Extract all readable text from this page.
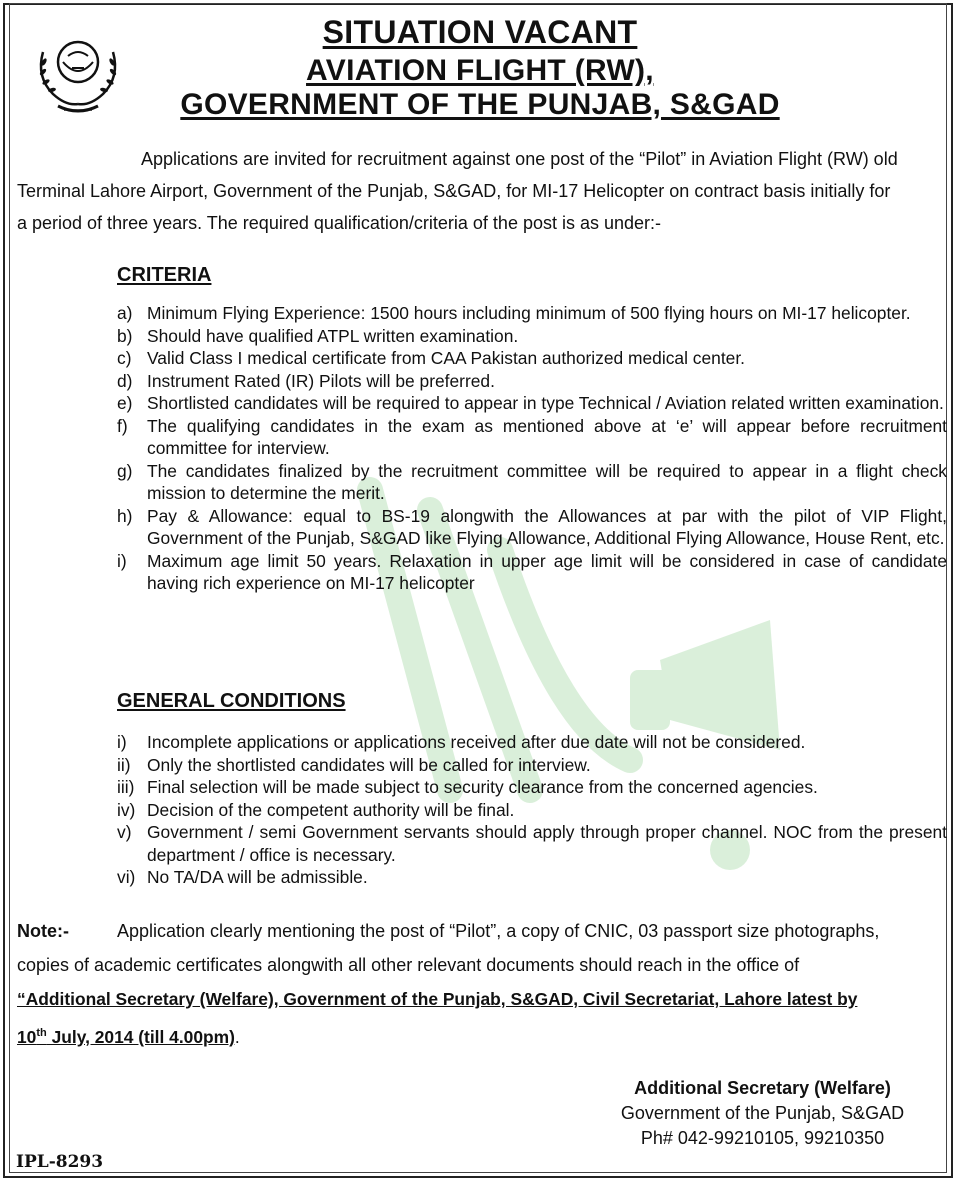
SITUATION VACANT
AVIATION FLIGHT (RW),
GOVERNMENT OF THE PUNJAB, S&GAD
Applications are invited for recruitment against one post of the “Pilot” in Aviation Flight (RW) old
Terminal Lahore Airport, Government of the Punjab, S&GAD, for MI-17 Helicopter on contract basis initially for
a period of three years. The required qualification/criteria of the post is as under:-
CRITERIA
a) Minimum Flying Experience: 1500 hours including minimum of 500 flying hours on MI-17 helicopter.
b) Should have qualified ATPL written examination.
c) Valid Class I medical certificate from CAA Pakistan authorized medical center.
d) Instrument Rated (IR) Pilots will be preferred.
e) Shortlisted candidates will be required to appear in type Technical / Aviation related written examination.
f) The qualifying candidates in the exam as mentioned above at ‘e’ will appear before recruitment committee for interview.
g) The candidates finalized by the recruitment committee will be required to appear in a flight check mission to determine the merit.
h) Pay & Allowance: equal to BS-19 alongwith the Allowances at par with the pilot of VIP Flight, Government of the Punjab, S&GAD like Flying Allowance, Additional Flying Allowance, House Rent, etc.
i) Maximum age limit 50 years. Relaxation in upper age limit will be considered in case of candidate having rich experience on MI-17 helicopter
GENERAL CONDITIONS
i) Incomplete applications or applications received after due date will not be considered.
ii) Only the shortlisted candidates will be called for interview.
iii) Final selection will be made subject to security clearance from the concerned agencies.
iv) Decision of the competent authority will be final.
v) Government / semi Government servants should apply through proper channel. NOC from the present department / office is necessary.
vi) No TA/DA will be admissible.
Note:-	Application clearly mentioning the post of “Pilot”, a copy of CNIC, 03 passport size photographs,
copies of academic certificates alongwith all other relevant documents should reach in the office of
“Additional Secretary (Welfare), Government of the Punjab, S&GAD, Civil Secretariat, Lahore latest by
10th July, 2014 (till 4.00pm).
Additional Secretary (Welfare)
Government of the Punjab, S&GAD
Ph# 042-99210105, 99210350
IPL-8293
